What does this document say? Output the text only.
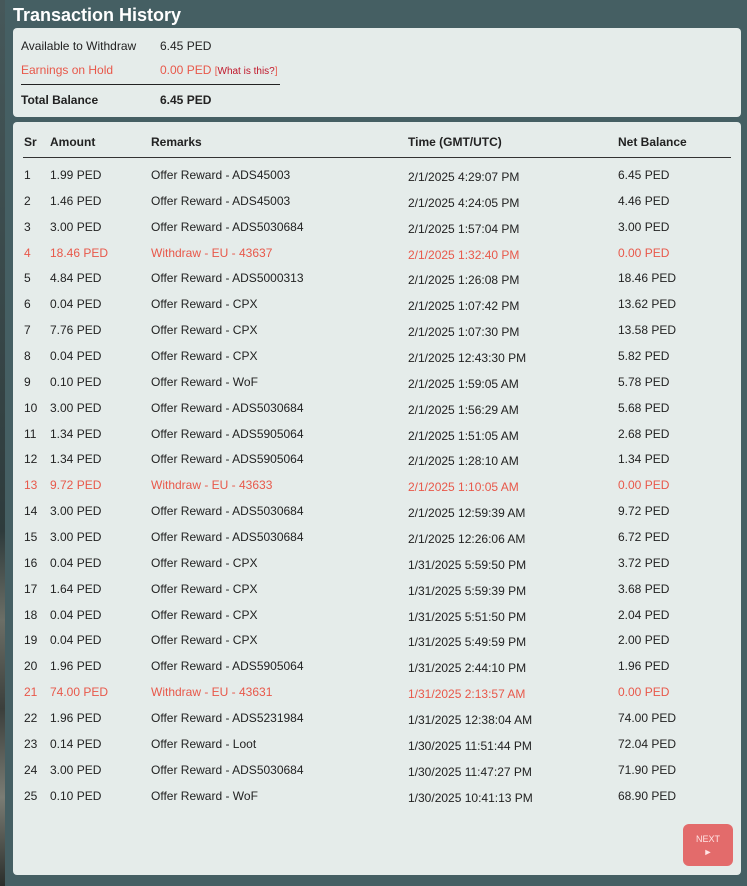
Transaction History
Available to Withdraw 6.45 PED
Earnings on Hold	0.00 PED [What is this?]
Total Balance	6.45 PED
Sr Amount	Remarks	Time (GMT/UTC)	Net Balance
1 1.99 PED	Offer Reward - ADS45003	2/1/2025 4:29:07 PM	6.45 PED
2 1.46 PED	Offer Reward - ADS45003	2/1/2025 4:24:05 PM	4.46 PED
3 3.00 PED	Offer Reward - ADS5030684	2/1/2025 1:57:04 PM	3.00 PED
4 18.46 PED	Withdraw - EU - 43637	2/1/2025 1:32:40 PM	0.00 PED
5 4.84 PED	Offer Reward - ADS5000313	2/1/2025 1:26:08 PM	18.46 PED
6 0.04 PED	Offer Reward - CPX	2/1/2025 1:07:42 PM	13.62 PED
7 7.76 PED	Offer Reward - CPX	2/1/2025 1:07:30 PM	13.58 PED
8 0.04 PED	Offer Reward - CPX	2/1/2025 12:43:30 PM	5.82 PED
9 0.10 PED	Offer Reward - WoF	2/1/2025 1:59:05 AM	5.78 PED
10 3.00 PED	Offer Reward - ADS5030684	2/1/2025 1:56:29 AM	5.68 PED
11 1.34 PED	Offer Reward - ADS5905064	2/1/2025 1:51:05 AM	2.68 PED
12 1.34 PED	Offer Reward - ADS5905064	2/1/2025 1:28:10 AM	1.34 PED
13 9.72 PED	Withdraw - EU - 43633	2/1/2025 1:10:05 AM	0.00 PED
14 3.00 PED	Offer Reward - ADS5030684	2/1/2025 12:59:39 AM	9.72 PED
15 3.00 PED	Offer Reward - ADS5030684	2/1/2025 12:26:06 AM	6.72 PED
16 0.04 PED	Offer Reward - CPX	1/31/2025 5:59:50 PM	3.72 PED
17 1.64 PED	Offer Reward - CPX	1/31/2025 5:59:39 PM	3.68 PED
18 0.04 PED	Offer Reward - CPX	1/31/2025 5:51:50 PM	2.04 PED
19 0.04 PED	Offer Reward - CPX	1/31/2025 5:49:59 PM	2.00 PED
20 1.96 PED	Offer Reward - ADS5905064	1/31/2025 2:44:10 PM	1.96 PED
21 74.00 PED	Withdraw - EU - 43631	1/31/2025 2:13:57 AM	0.00 PED
22 1.96 PED	Offer Reward - ADS5231984	1/31/2025 12:38:04 AM	74.00 PED
23 0.14 PED	Offer Reward - Loot	1/30/2025 11:51:44 PM	72.04 PED
24 3.00 PED	Offer Reward - ADS5030684	1/30/2025 11:47:27 PM	71.90 PED
25 0.10 PED	Offer Reward - WoF	1/30/2025 10:41:13 PM	68.90 PED
NEXT
►
